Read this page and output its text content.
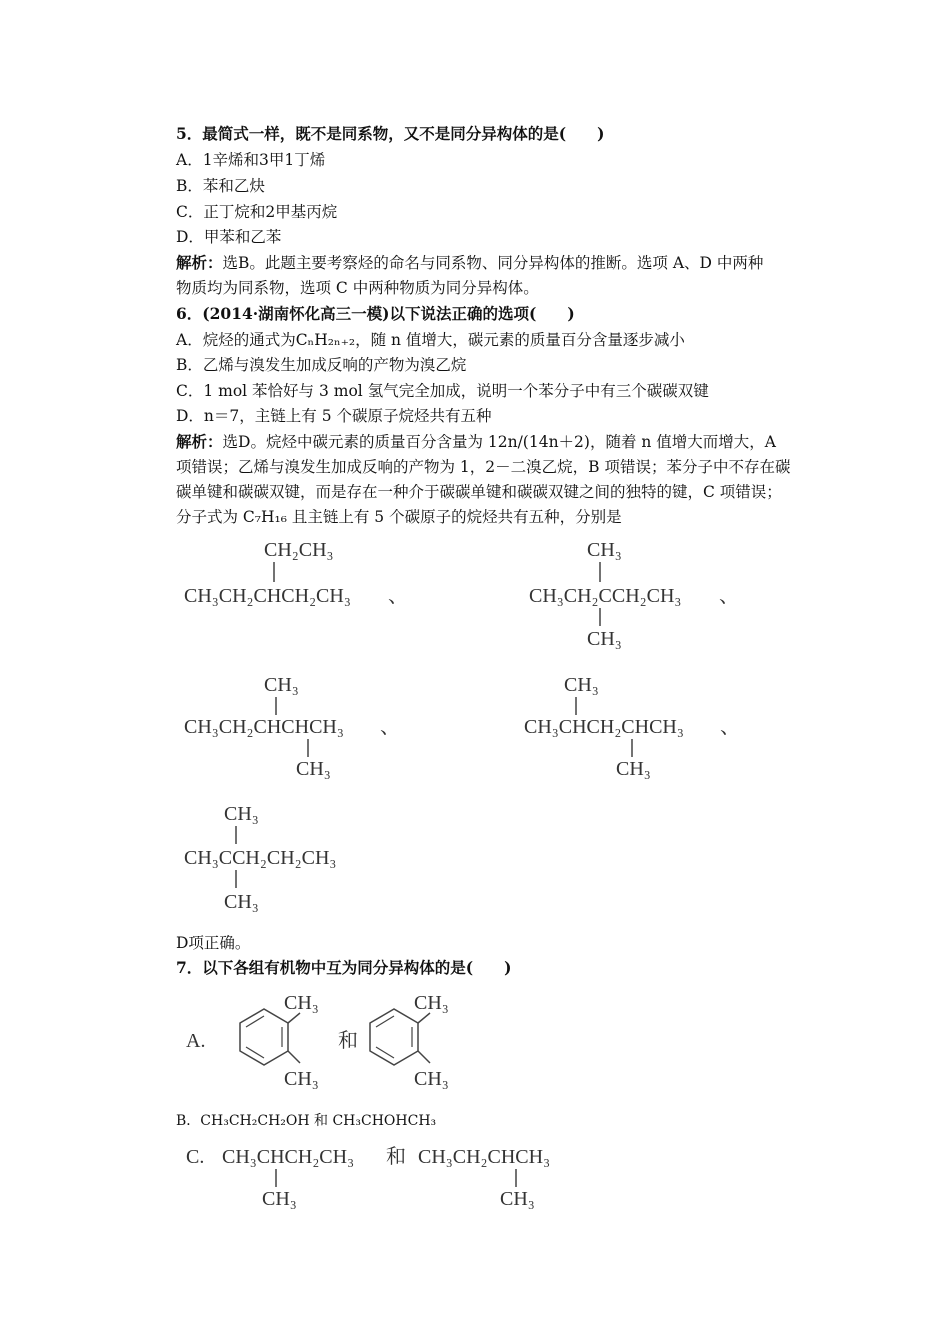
5．最简式一样，既不是同系物，又不是同分异构体的是(　　)
A．1辛烯和3甲1丁烯
B．苯和乙炔
C．正丁烷和2甲基丙烷
D．甲苯和乙苯
解析：选B。此题主要考察烃的命名与同系物、同分异构体的推断。选项 A、D 中两种
物质均为同系物，选项 C 中两种物质为同分异构体。
6．(2014·湖南怀化高三一模)以下说法正确的选项(　　)
A．烷烃的通式为CₙH₂ₙ₊₂，随 n 值增大，碳元素的质量百分含量逐步减小
B．乙烯与溴发生加成反响的产物为溴乙烷
C．1 mol 苯恰好与 3 mol 氢气完全加成，说明一个苯分子中有三个碳碳双键
D．n＝7，主链上有 5 个碳原子烷烃共有五种
解析：选D。烷烃中碳元素的质量百分含量为 12n/(14n＋2)，随着 n 值增大而增大，A
项错误；乙烯与溴发生加成反响的产物为 1，2－二溴乙烷，B 项错误；苯分子中不存在碳
碳单键和碳碳双键，而是存在一种介于碳碳单键和碳碳双键之间的独特的键，C 项错误；
分子式为 C₇H₁₆ 且主链上有 5 个碳原子的烷烃共有五种，分别是
CH₂CH₃
CH₃CH₂CHCH₂CH₃ 、
CH₃
CH₃CH₂CCH₂CH₃
CH₃
、
CH₃
CH₃CH₂CHCHCH₃
CH₃
、
CH₃
CH₃CHCH₂CHCH₃
CH₃
、
CH₃
CH₃CCH₂CH₂CH₃
CH₃
D项正确。
7．以下各组有机物中互为同分异构体的是(　　)
A.
CH₃
CH₃
和
CH₃
CH₃
B．CH₃CH₂CH₂OH 和 CH₃CHOHCH₃
C. CH₃CHCH₂CH₃
CH₃
和 CH₃CH₂CHCH₃
CH₃
